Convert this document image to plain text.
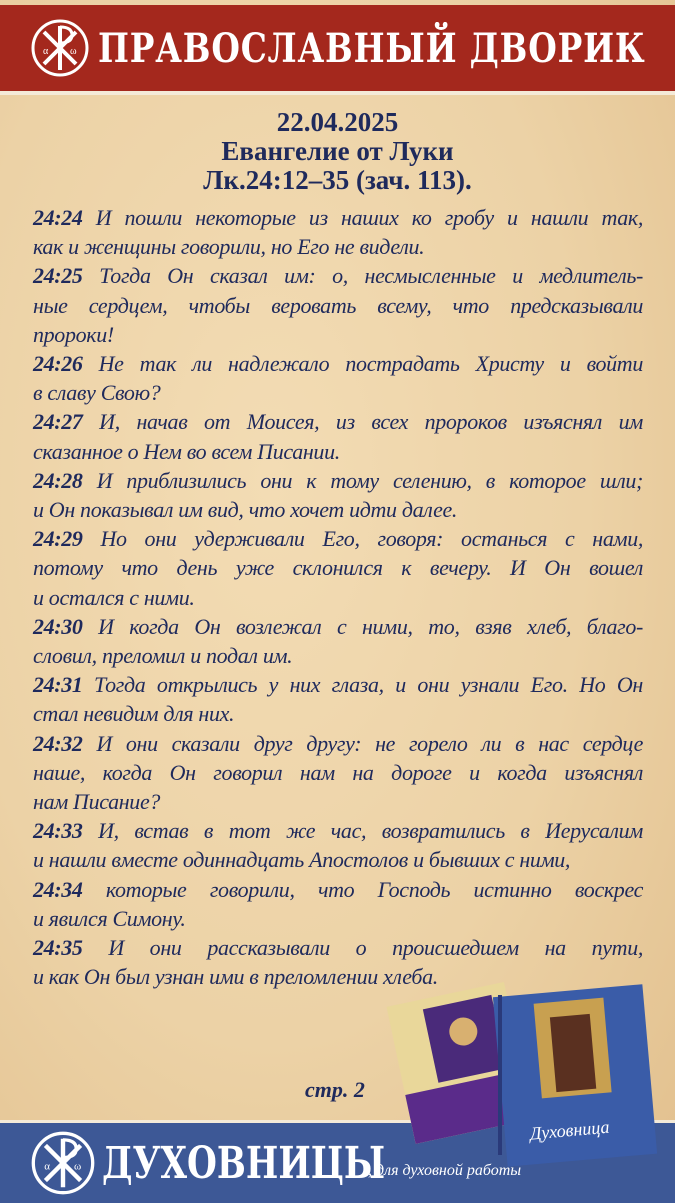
α ω ПРАВОСЛАВНЫЙ ДВОРИК
22.04.2025
Евангелие от Луки
Лк.24:12–35 (зач. 113).
24:24 И пошли некоторые из наших ко гробу и нашли так,
как и женщины говорили, но Его не видели.
24:25 Тогда Он сказал им: о, несмысленные и медлитель-
ные сердцем, чтобы веровать всему, что предсказывали
пророки!
24:26 Не так ли надлежало пострадать Христу и войти
в славу Свою?
24:27 И, начав от Моисея, из всех пророков изъяснял им
сказанное о Нем во всем Писании.
24:28 И приблизились они к тому селению, в которое шли;
и Он показывал им вид, что хочет идти далее.
24:29 Но они удерживали Его, говоря: останься с нами,
потому что день уже склонился к вечеру. И Он вошел
и остался с ними.
24:30 И когда Он возлежал с ними, то, взяв хлеб, благо-
словил, преломил и подал им.
24:31 Тогда открылись у них глаза, и они узнали Его. Но Он
стал невидим для них.
24:32 И они сказали друг другу: не горело ли в нас сердце
наше, когда Он говорил нам на дороге и когда изъяснял
нам Писание?
24:33 И, встав в тот же час, возвратились в Иерусалим
и нашли вместе одиннадцать Апостолов и бывших с ними,
24:34 которые говорили, что Господь истинно воскрес
и явился Симону.
24:35 И они рассказывали о происшедшем на пути,
и как Он был узнан ими в преломлении хлеба.
стр. 2
α ω ДУХОВНИЦЫ
Духовница
, для духовной работы
